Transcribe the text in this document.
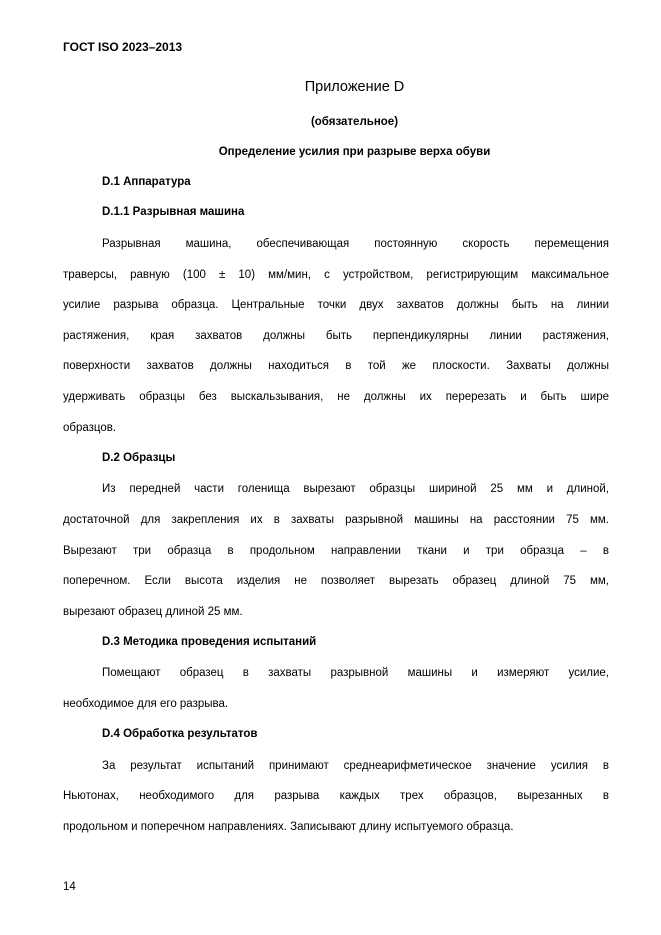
ГОСТ ISO 2023–2013
Приложение D
(обязательное)
Определение усилия при разрыве верха обуви
D.1 Аппаратура
D.1.1 Разрывная машина
Разрывная машина, обеспечивающая постоянную скорость перемещения
траверсы, равную (100 ± 10) мм/мин, с устройством, регистрирующим максимальное
усилие разрыва образца. Центральные точки двух захватов должны быть на линии
растяжения, края захватов должны быть перпендикулярны линии растяжения,
поверхности захватов должны находиться в той же плоскости. Захваты должны
удерживать образцы без выскальзывания, не должны их перерезать и быть шире
образцов.
D.2 Образцы
Из передней части голенища вырезают образцы шириной 25 мм и длиной,
достаточной для закрепления их в захваты разрывной машины на расстоянии 75 мм.
Вырезают три образца в продольном направлении ткани и три образца – в
поперечном. Если высота изделия не позволяет вырезать образец длиной 75 мм,
вырезают образец длиной 25 мм.
D.3 Методика проведения испытаний
Помещают образец в захваты разрывной машины и измеряют усилие,
необходимое для его разрыва.
D.4 Обработка результатов
За результат испытаний принимают среднеарифметическое значение усилия в
Ньютонах, необходимого для разрыва каждых трех образцов, вырезанных в
продольном и поперечном направлениях. Записывают длину испытуемого образца.
14
